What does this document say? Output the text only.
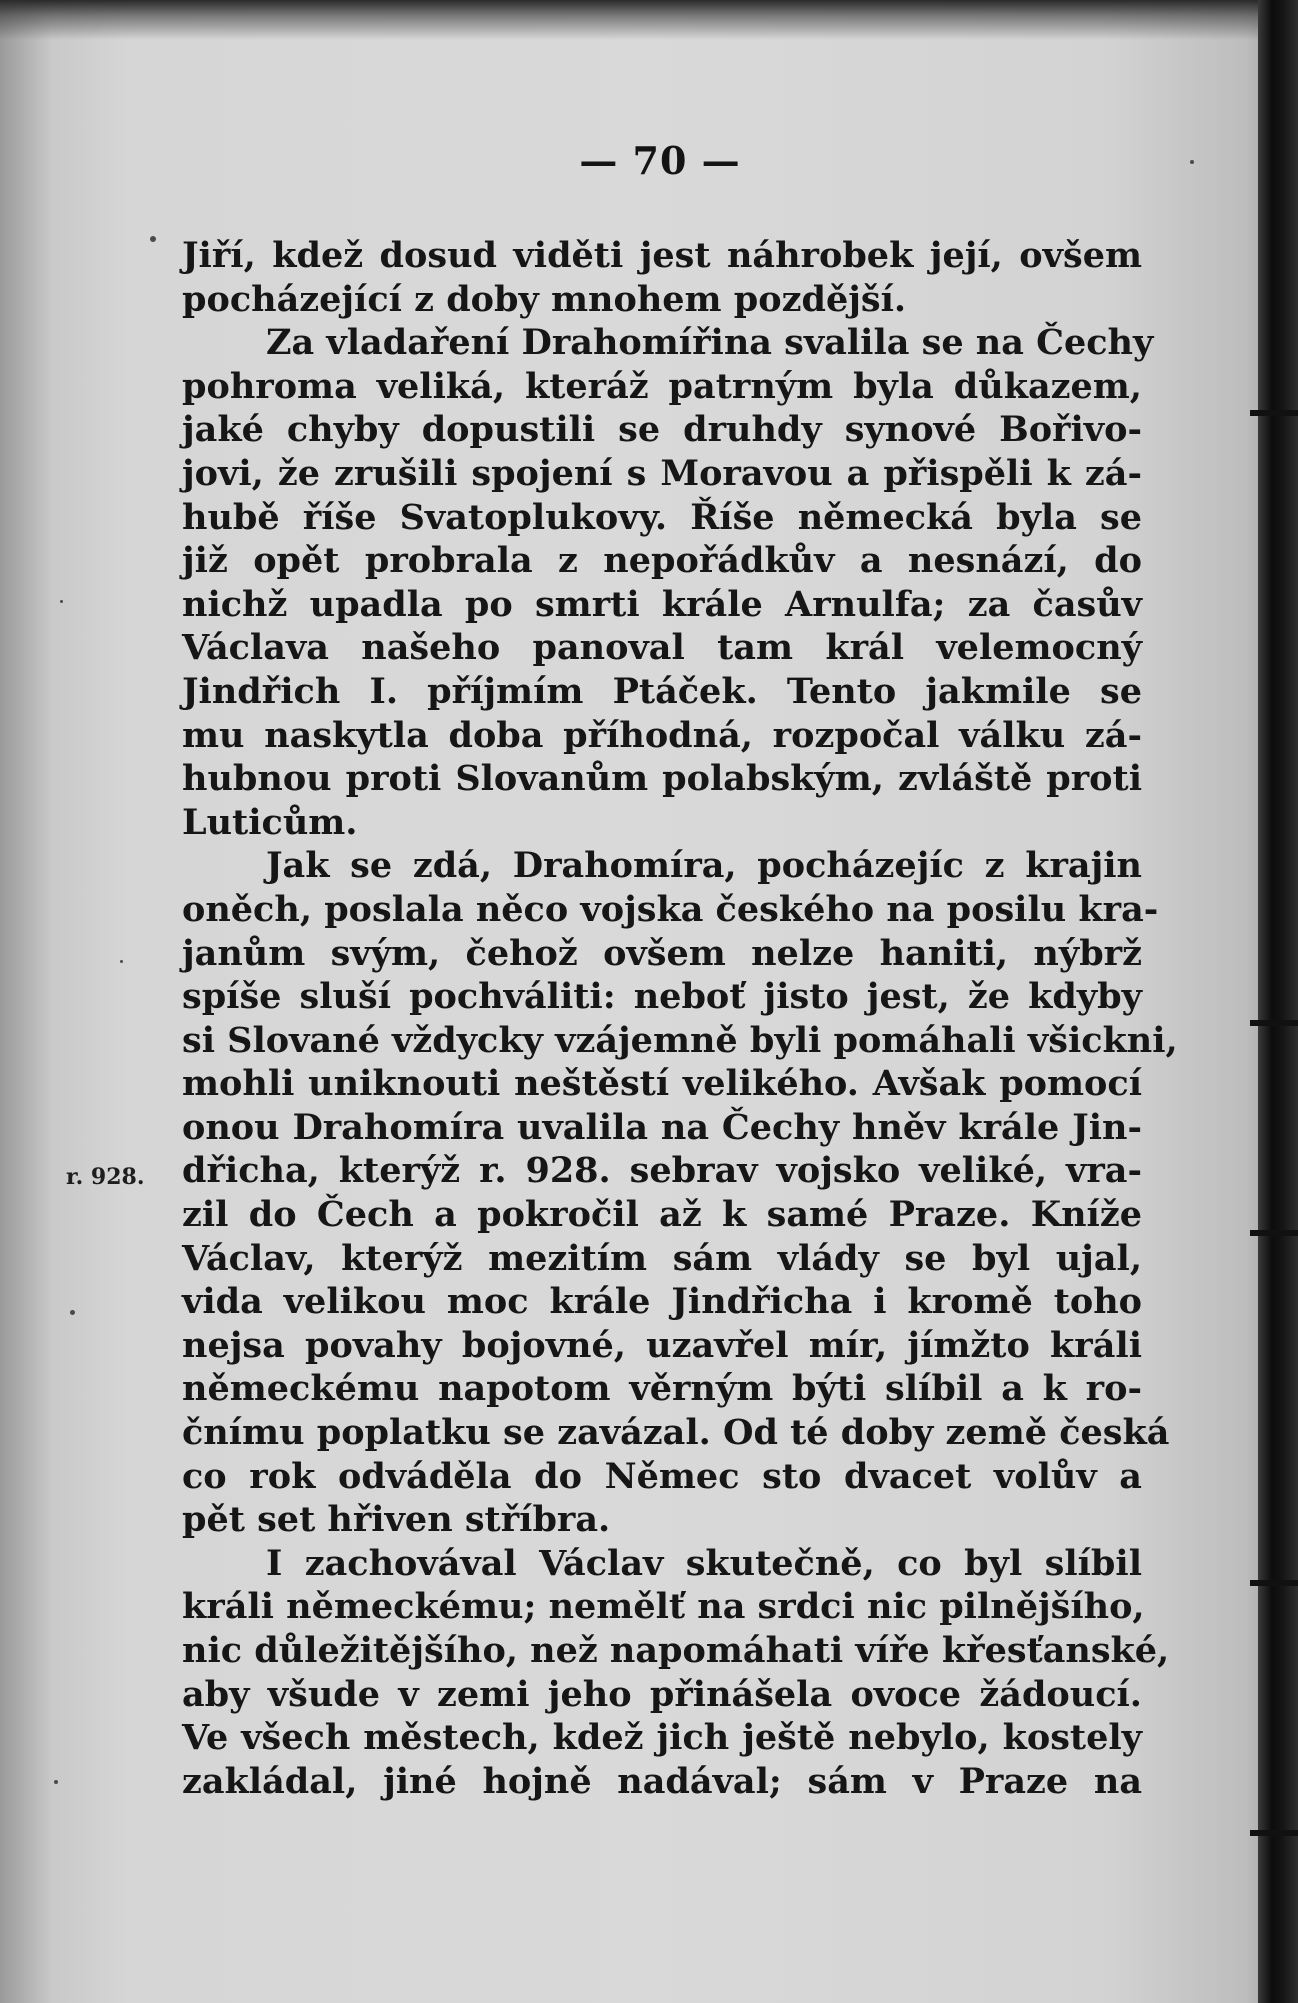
— 70 —
r. 928.
Jiří, kdež dosud viděti jest náhrobek její, ovšem
pocházející z doby mnohem pozdější.
Za vladaření Drahomířina svalila se na Čechy
pohroma veliká, kteráž patrným byla důkazem,
jaké chyby dopustili se druhdy synové Bořivo-
jovi, že zrušili spojení s Moravou a přispěli k zá-
hubě říše Svatoplukovy. Říše německá byla se
již opět probrala z nepořádkův a nesnází, do
nichž upadla po smrti krále Arnulfa; za časův
Václava našeho panoval tam král velemocný
Jindřich I. příjmím Ptáček. Tento jakmile se
mu naskytla doba příhodná, rozpočal válku zá-
hubnou proti Slovanům polabským, zvláště proti
Luticům.
Jak se zdá, Drahomíra, pocházejíc z krajin
oněch, poslala něco vojska českého na posilu kra-
janům svým, čehož ovšem nelze haniti, nýbrž
spíše sluší pochváliti: neboť jisto jest, že kdyby
si Slované vždycky vzájemně byli pomáhali všickni,
mohli uniknouti neštěstí velikého. Avšak pomocí
onou Drahomíra uvalila na Čechy hněv krále Jin-
dřicha, kterýž r. 928. sebrav vojsko veliké, vra-
zil do Čech a pokročil až k samé Praze. Kníže
Václav, kterýž mezitím sám vlády se byl ujal,
vida velikou moc krále Jindřicha i kromě toho
nejsa povahy bojovné, uzavřel mír, jímžto králi
německému napotom věrným býti slíbil a k ro-
čnímu poplatku se zavázal. Od té doby země česká
co rok odváděla do Němec sto dvacet volův a
pět set hřiven stříbra.
I zachovával Václav skutečně, co byl slíbil
králi německému; nemělť na srdci nic pilnějšího,
nic důležitějšího, než napomáhati víře křesťanské,
aby všude v zemi jeho přinášela ovoce žádoucí.
Ve všech městech, kdež jich ještě nebylo, kostely
zakládal, jiné hojně nadával; sám v Praze na
